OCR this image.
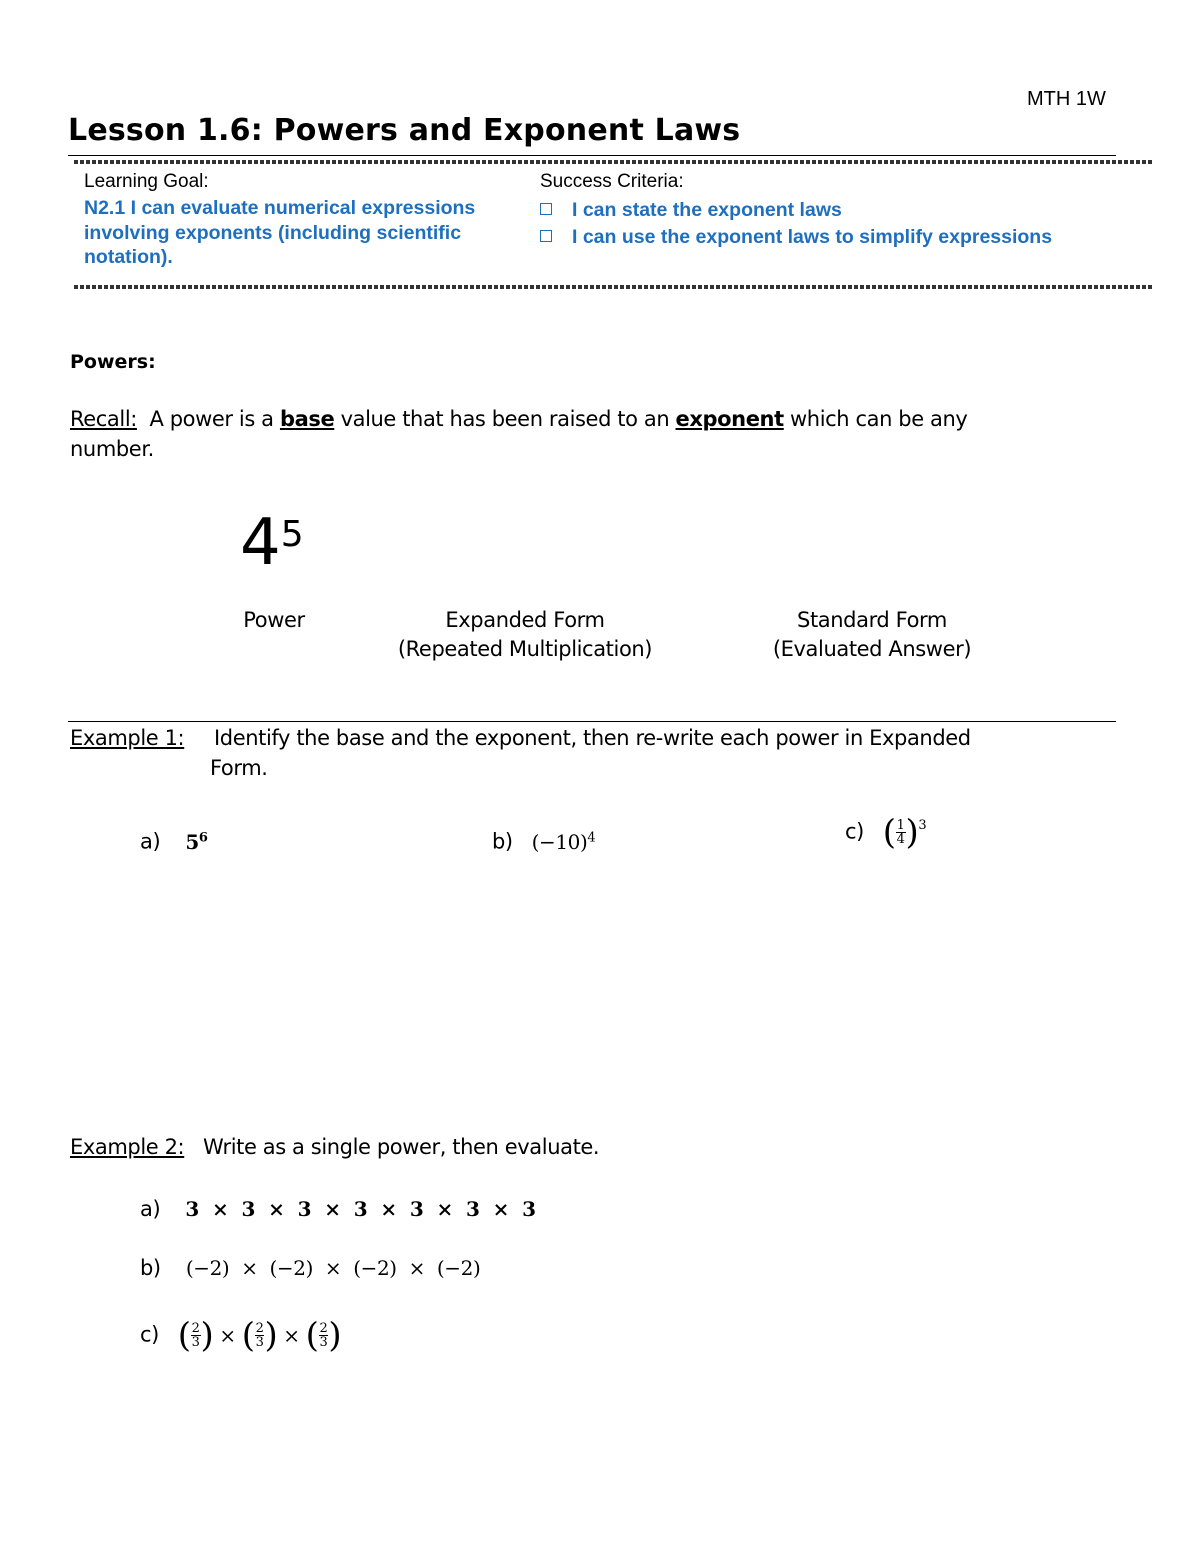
MTH 1W
Lesson 1.6: Powers and Exponent Laws
Learning Goal:
N2.1 I can evaluate numerical expressions
involving exponents (including scientific
notation).
Success Criteria:
I can state the exponent laws
I can use the exponent laws to simplify expressions
Powers:
Recall: A power is a base value that has been raised to an exponent which can be any
number.
$4^5$
Power	Expanded Form
(Repeated Multiplication)
Standard Form
(Evaluated Answer)
Example 1: Identify the base and the exponent, then re-write each power in Expanded
Form.
a) $5^6$	b) $(-10)^4$	c) ( $\frac{1}{4} )^3$
Example 2: Write as a single power, then evaluate.
a) 3  ×  3  ×  3  ×  3  ×  3  ×  3  ×  3
b) (−2)  ×  (−2)  ×  (−2)  ×  (−2)
c) ( $\frac{2}{3}$ ) × ( $\frac{2}{3}$ ) × ( $\frac{2}{3}$ )
